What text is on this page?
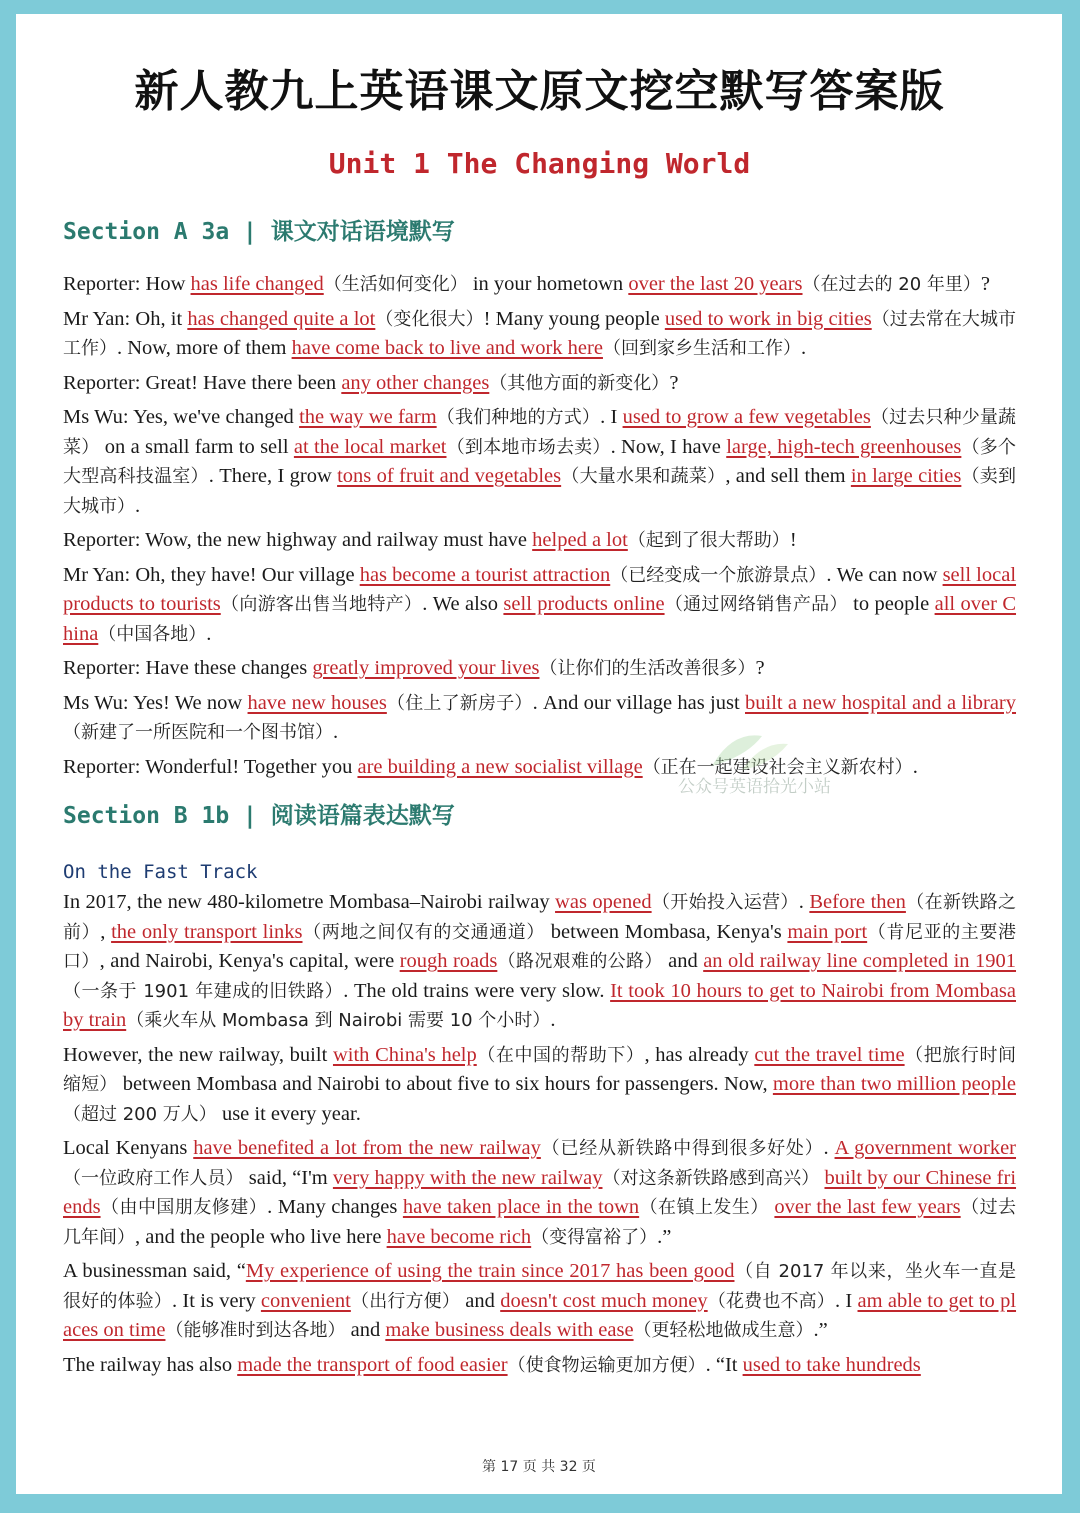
新人教九上英语课文原文挖空默写答案版
Unit 1 The Changing World
Section A 3a | 课文对话语境默写

Reporter: How has life changed（生活如何变化） in your hometown over the last 20 years（在过去的 20 年里）?

Mr Yan: Oh, it has changed quite a lot（变化很大）! Many young people used to work in big cities（过去常在大城市工作）. Now, more of them have come back to live and work here（回到家乡生活和工作）.

Reporter: Great! Have there been any other changes（其他方面的新变化）?

Ms Wu: Yes, we've changed the way we farm（我们种地的方式）. I used to grow a few vegetables（过去只种少量蔬菜） on a small farm to sell at the local market（到本地市场去卖）. Now, I have large, high-tech greenhouses（多个大型高科技温室）. There, I grow tons of fruit and vegetables（大量水果和蔬菜）, and sell them in large cities（卖到大城市）.

Reporter: Wow, the new highway and railway must have helped a lot（起到了很大帮助）!

Mr Yan: Oh, they have! Our village has become a tourist attraction（已经变成一个旅游景点）. We can now sell local products to tourists（向游客出售当地特产）. We also sell products online（通过网络销售产品） to people all over China（中国各地）.

Reporter: Have these changes greatly improved your lives（让你们的生活改善很多）?

Ms Wu: Yes! We now have new houses（住上了新房子）. And our village has just built a new hospital and a library（新建了一所医院和一个图书馆）.

Reporter: Wonderful! Together you are building a new socialist village（正在一起建设社会主义新农村）.

Section B 1b | 阅读语篇表达默写
On the Fast Track

In 2017, the new 480-kilometre Mombasa–Nairobi railway was opened（开始投入运营）. Before then（在新铁路之前）, the only transport links（两地之间仅有的交通通道） between Mombasa, Kenya's main port（肯尼亚的主要港口）, and Nairobi, Kenya's capital, were rough roads（路况艰难的公路） and an old railway line completed in 1901（一条于 1901 年建成的旧铁路）. The old trains were very slow. It took 10 hours to get to Nairobi from Mombasa by train（乘火车从 Mombasa 到 Nairobi 需要 10 个小时）.

However, the new railway, built with China's help（在中国的帮助下）, has already cut the travel time（把旅行时间缩短） between Mombasa and Nairobi to about five to six hours for passengers. Now, more than two million people（超过 200 万人） use it every year.

Local Kenyans have benefited a lot from the new railway（已经从新铁路中得到很多好处）. A government worker（一位政府工作人员） said, “I'm very happy with the new railway（对这条新铁路感到高兴） built by our Chinese friends（由中国朋友修建）. Many changes have taken place in the town（在镇上发生） over the last few years（过去几年间）, and the people who live here have become rich（变得富裕了）.”

A businessman said, “My experience of using the train since 2017 has been good（自 2017 年以来，坐火车一直是很好的体验）. It is very convenient（出行方便） and doesn't cost much money（花费也不高）. I am able to get to places on time（能够准时到达各地） and make business deals with ease（更轻松地做成生意）.”

The railway has also made the transport of food easier（使食物运输更加方便）. “It used to take hundreds

公众号英语拾光小站
第 17 页 共 32 页
